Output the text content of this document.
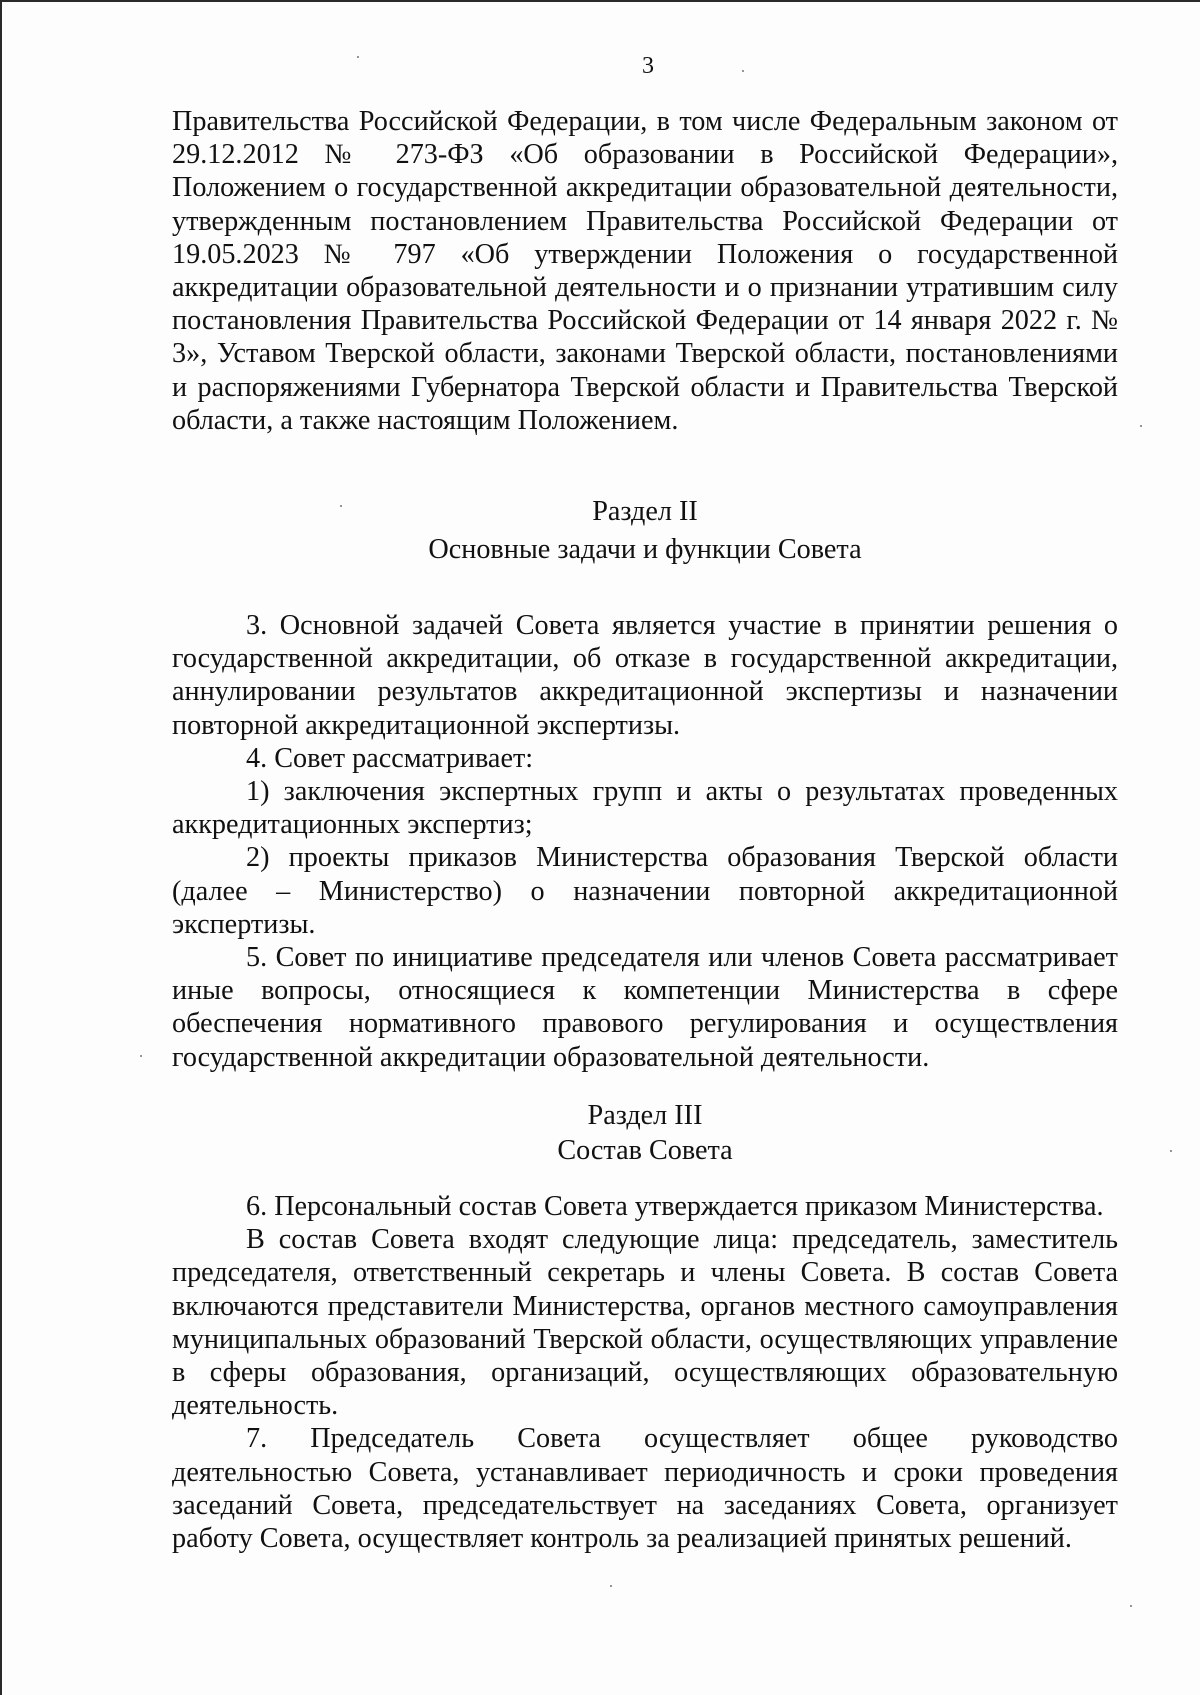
3

Правительства Российской Федерации, в том числе Федеральным законом от 29.12.2012 № 273-ФЗ «Об образовании в Российской Федерации», Положением о государственной аккредитации образовательной деятельности, утвержденным постановлением Правительства Российской Федерации от 19.05.2023 № 797 «Об утверждении Положения о государственной аккредитации образовательной деятельности и о признании утратившим силу постановления Правительства Российской Федерации от 14 января 2022 г. № 3», Уставом Тверской области, законами Тверской области, постановлениями и распоряжениями Губернатора Тверской области и Правительства Тверской области, а также настоящим Положением.

Раздел II

Основные задачи и функции Совета

3. Основной задачей Совета является участие в принятии решения о государственной аккредитации, об отказе в государственной аккредитации, аннулировании результатов аккредитационной экспертизы и назначении повторной аккредитационной экспертизы.

4. Совет рассматривает:

1) заключения экспертных групп и акты о результатах проведенных аккредитационных экспертиз;

2) проекты приказов Министерства образования Тверской области (далее – Министерство) о назначении повторной аккредитационной экспертизы.

5. Совет по инициативе председателя или членов Совета рассматривает иные вопросы, относящиеся к компетенции Министерства в сфере обеспечения нормативного правового регулирования и осуществления государственной аккредитации образовательной деятельности.

Раздел III

Состав Совета

6. Персональный состав Совета утверждается приказом Министерства.

В состав Совета входят следующие лица: председатель, заместитель председателя, ответственный секретарь и члены Совета. В состав Совета включаются представители Министерства, органов местного самоуправления муниципальных образований Тверской области, осуществляющих управление в сферы образования, организаций, осуществляющих образовательную деятельность.

7. Председатель Совета осуществляет общее руководство деятельностью Совета, устанавливает периодичность и сроки проведения заседаний Совета, председательствует на заседаниях Совета, организует работу Совета, осуществляет контроль за реализацией принятых решений.
